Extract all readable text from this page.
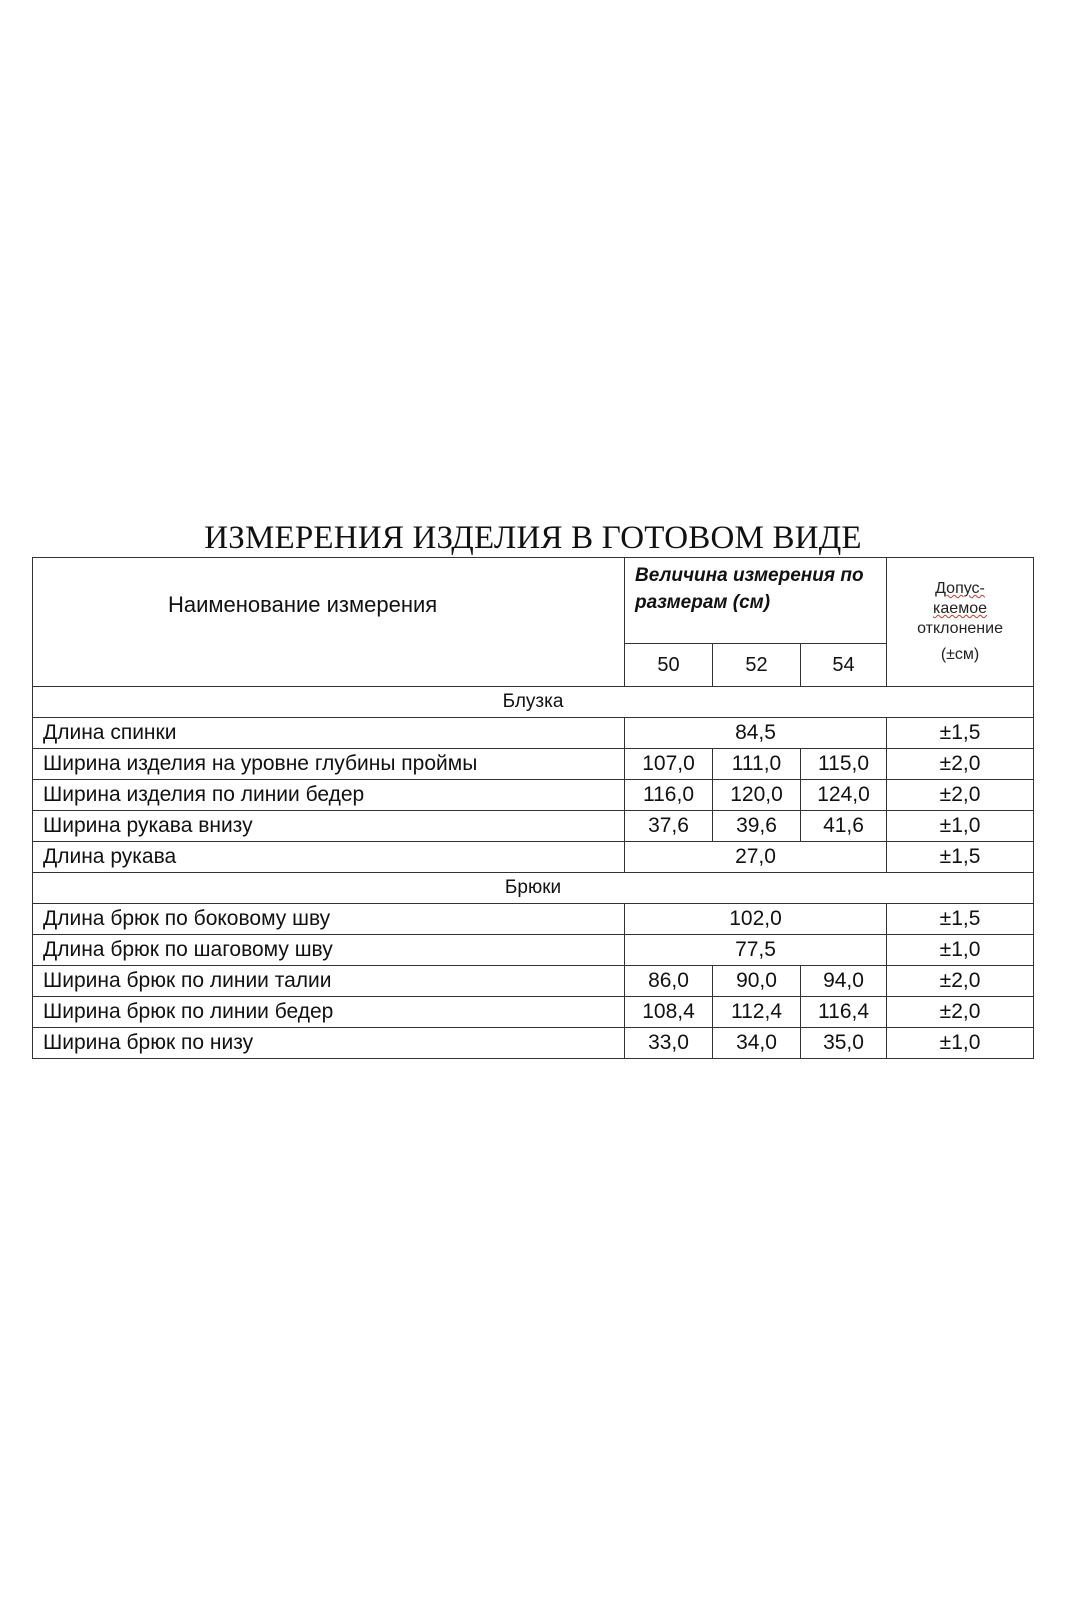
ИЗМЕРЕНИЯ ИЗДЕЛИЯ В ГОТОВОМ ВИДЕ
Наименование измерения	Величина измерения по размерам (см)			Допус-
каемое
отклонение
(±см)

	50	52	54	
Блузка				
Длина спинки	84,5			±1,5
Ширина изделия на уровне глубины проймы	107,0	111,0	115,0	±2,0
Ширина изделия по линии бедер	116,0	120,0	124,0	±2,0
Ширина рукава внизу	37,6	39,6	41,6	±1,0
Длина рукава	27,0			±1,5
Брюки				
Длина брюк по боковому шву	102,0			±1,5
Длина брюк по шаговому шву	77,5			±1,0
Ширина брюк по линии талии	86,0	90,0	94,0	±2,0
Ширина брюк по линии бедер	108,4	112,4	116,4	±2,0
Ширина брюк по низу	33,0	34,0	35,0	±1,0
